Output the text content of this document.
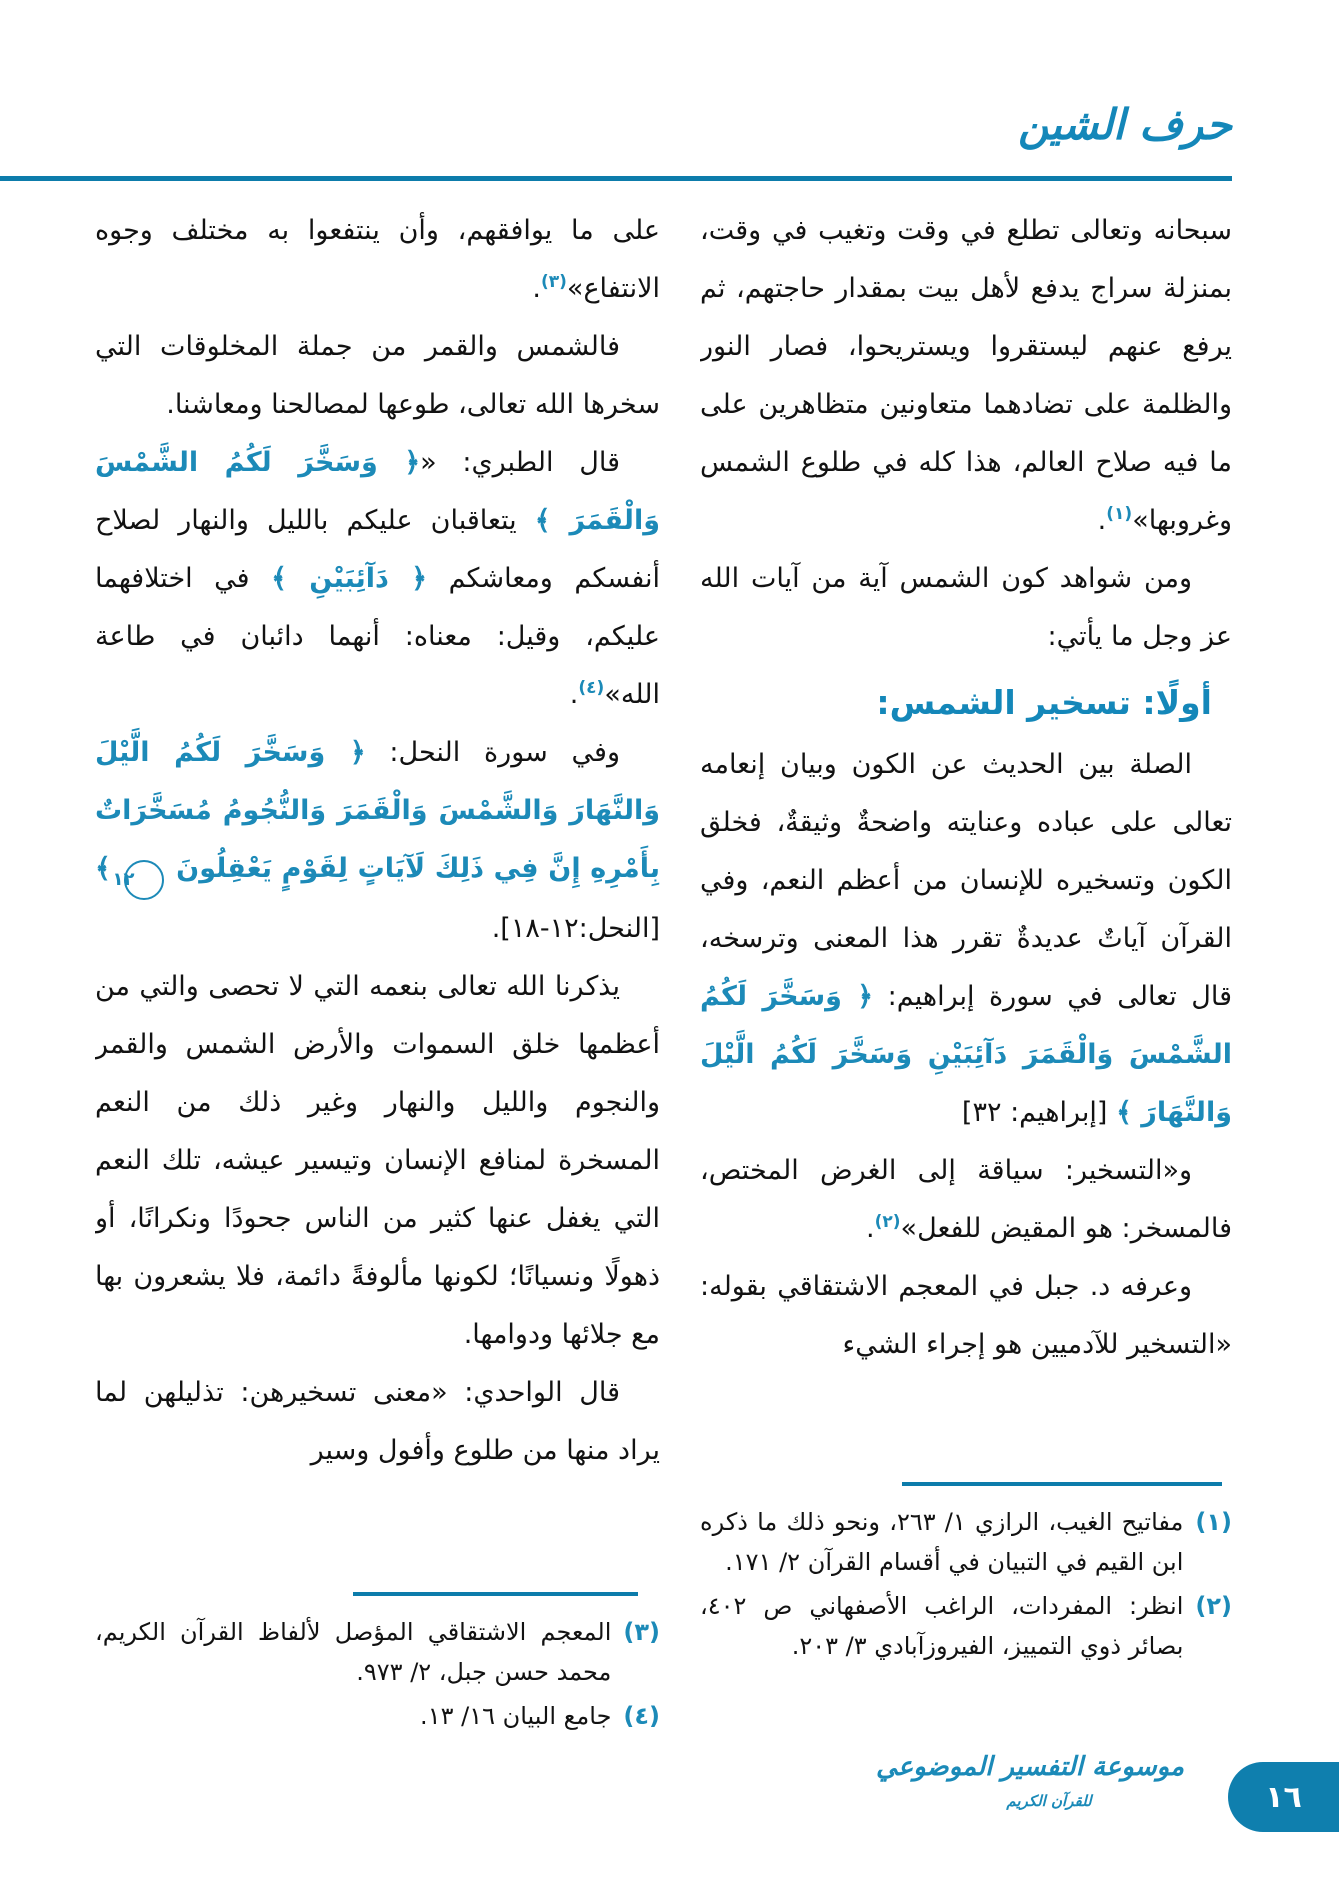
حرف الشين

سبحانه وتعالى تطلع في وقت وتغيب في وقت، بمنزلة سراج يدفع لأهل بيت بمقدار حاجتهم، ثم يرفع عنهم ليستقروا ويستريحوا، فصار النور والظلمة على تضادهما متعاونين متظاهرين على ما فيه صلاح العالم، هذا كله في طلوع الشمس وغروبها»$^{(١)}$.

ومن شواهد كون الشمس آية من آيات الله عز وجل ما يأتي:

أولًا: تسخير الشمس:

الصلة بين الحديث عن الكون وبيان إنعامه تعالى على عباده وعنايته واضحةٌ وثيقةٌ، فخلق الكون وتسخيره للإنسان من أعظم النعم، وفي القرآن آياتٌ عديدةٌ تقرر هذا المعنى وترسخه، قال تعالى في سورة إبراهيم: ﴿ وَسَخَّرَ لَكُمُ الشَّمْسَ وَالْقَمَرَ دَآئِبَيْنِ وَسَخَّرَ لَكُمُ الَّيْلَ وَالنَّهَارَ ﴾ [إبراهيم: ٣٢]

و«التسخير: سياقة إلى الغرض المختص، فالمسخر: هو المقيض للفعل»$^{(٢)}$.

وعرفه د. جبل في المعجم الاشتقاقي بقوله: «التسخير للآدميين هو إجراء الشيء

على ما يوافقهم، وأن ينتفعوا به مختلف وجوه الانتفاع»$^{(٣)}$.

فالشمس والقمر من جملة المخلوقات التي سخرها الله تعالى، طوعها لمصالحنا ومعاشنا.

قال الطبري: «﴿ وَسَخَّرَ لَكُمُ الشَّمْسَ وَالْقَمَرَ ﴾ يتعاقبان عليكم بالليل والنهار لصلاح أنفسكم ومعاشكم ﴿ دَآئِبَيْنِ ﴾ في اختلافهما عليكم، وقيل: معناه: أنهما دائبان في طاعة الله»$^{(٤)}$.

وفي سورة النحل: ﴿ وَسَخَّرَ لَكُمُ الَّيْلَ وَالنَّهَارَ وَالشَّمْسَ وَالْقَمَرَ وَالنُّجُومُ مُسَخَّرَاتٌ بِأَمْرِهِ إِنَّ فِي ذَلِكَ لَآيَاتٍ لِقَوْمٍ يَعْقِلُونَ ١٢ ﴾ [النحل:١٢-١٨].

يذكرنا الله تعالى بنعمه التي لا تحصى والتي من أعظمها خلق السموات والأرض الشمس والقمر والنجوم والليل والنهار وغير ذلك من النعم المسخرة لمنافع الإنسان وتيسير عيشه، تلك النعم التي يغفل عنها كثير من الناس جحودًا ونكرانًا، أو ذهولًا ونسيانًا؛ لكونها مألوفةً دائمة، فلا يشعرون بها مع جلائها ودوامها.

قال الواحدي: «معنى تسخيرهن: تذليلهن لما يراد منها من طلوع وأفول وسير

(١)
مفاتيح الغيب، الرازي ١/ ٢٦٣، ونحو ذلك ما ذكره ابن القيم في التبيان في أقسام القرآن ٢/ ١٧١.
(٢)
انظر: المفردات، الراغب الأصفهاني ص ٤٠٢، بصائر ذوي التمييز، الفيروزآبادي ٣/ ٢٠٣.
(٣)
المعجم الاشتقاقي المؤصل لألفاظ القرآن الكريم، محمد حسن جبل، ٢/ ٩٧٣.
(٤)
جامع البيان ١٦/ ١٣.
موسوعة التفسير الموضوعي
للقرآن الكريم	١٦
